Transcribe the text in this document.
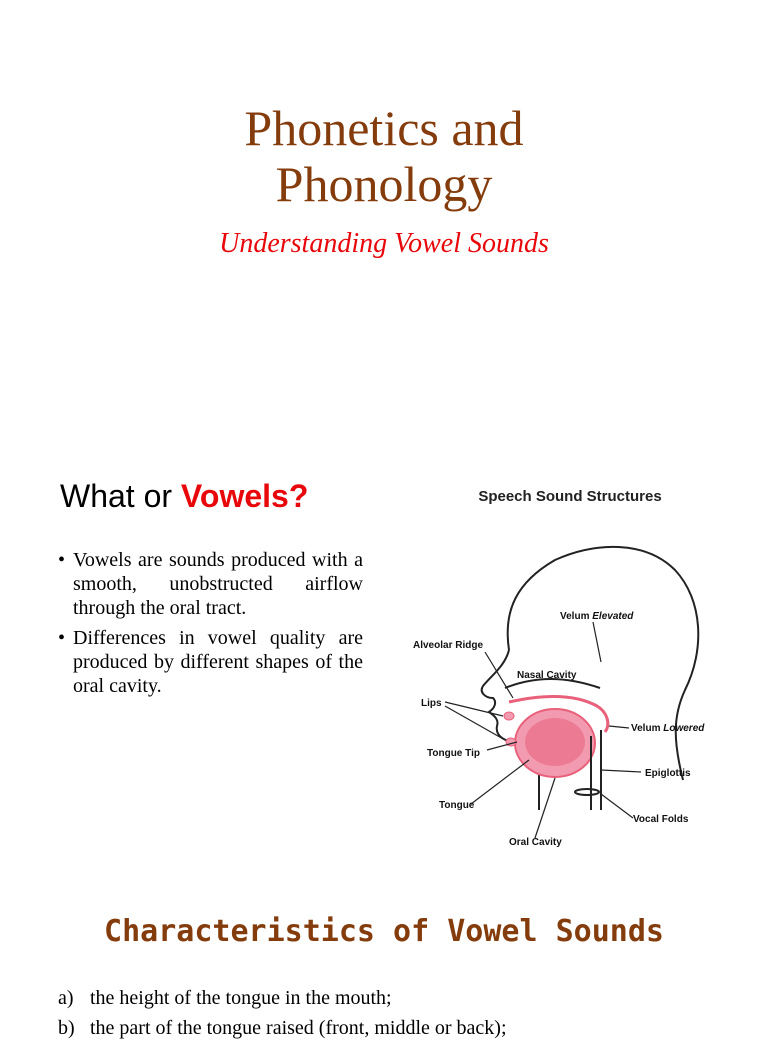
Phonetics and
Phonology
Understanding Vowel Sounds
What or Vowels?
• Vowels are sounds produced with a smooth, unobstructed airflow through the oral tract.
• Differences in vowel quality are produced by different shapes of the oral cavity.
Speech Sound Structures
Velum Elevated
Alveolar Ridge
Nasal Cavity
Lips
Velum Lowered
Tongue Tip
Epiglottis
Tongue
Vocal Folds
Oral Cavity
Characteristics of Vowel Sounds
a) the height of the tongue in the mouth;
b) the part of the tongue raised (front, middle or back);
